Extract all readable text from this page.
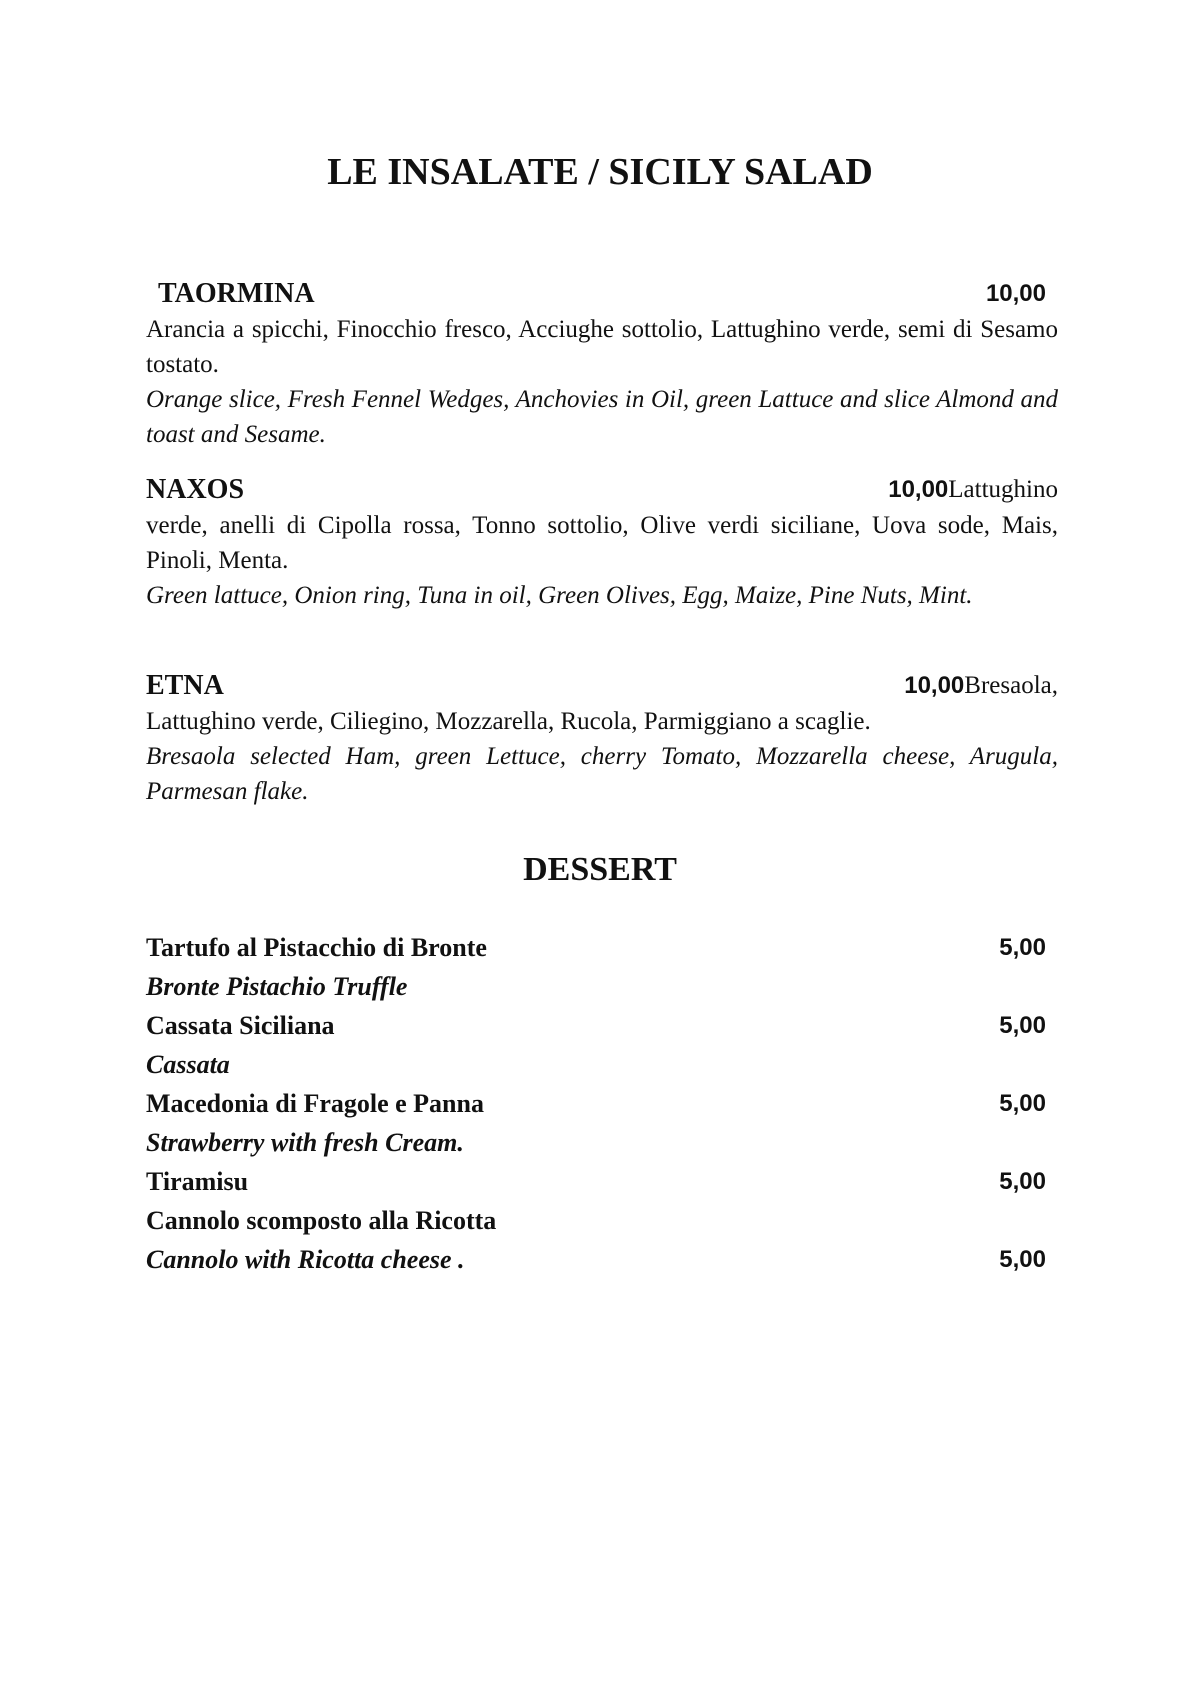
LE INSALATE / SICILY SALAD
TAORMINA	10,00
Arancia a spicchi, Finocchio fresco, Acciughe sottolio, Lattughino verde, semi di Sesamo tostato.
Orange slice, Fresh Fennel Wedges, Anchovies in Oil, green Lattuce and slice Almond and toast and Sesame.
NAXOS	10,00Lattughino
verde, anelli di Cipolla rossa, Tonno sottolio, Olive verdi siciliane, Uova sode, Mais, Pinoli, Menta.
Green lattuce, Onion ring, Tuna in oil, Green Olives, Egg, Maize, Pine Nuts, Mint.
ETNA	10,00Bresaola,
Lattughino verde, Ciliegino, Mozzarella, Rucola, Parmiggiano a scaglie.
Bresaola selected Ham, green Lettuce, cherry Tomato, Mozzarella cheese, Arugula, Parmesan flake.
DESSERT
Tartufo al Pistacchio di Bronte	5,00
Bronte Pistachio Truffle
Cassata Siciliana	5,00
Cassata
Macedonia di Fragole e Panna	5,00
Strawberry with fresh Cream.
Tiramisu	5,00
Cannolo scomposto alla Ricotta
Cannolo with Ricotta cheese .	5,00
